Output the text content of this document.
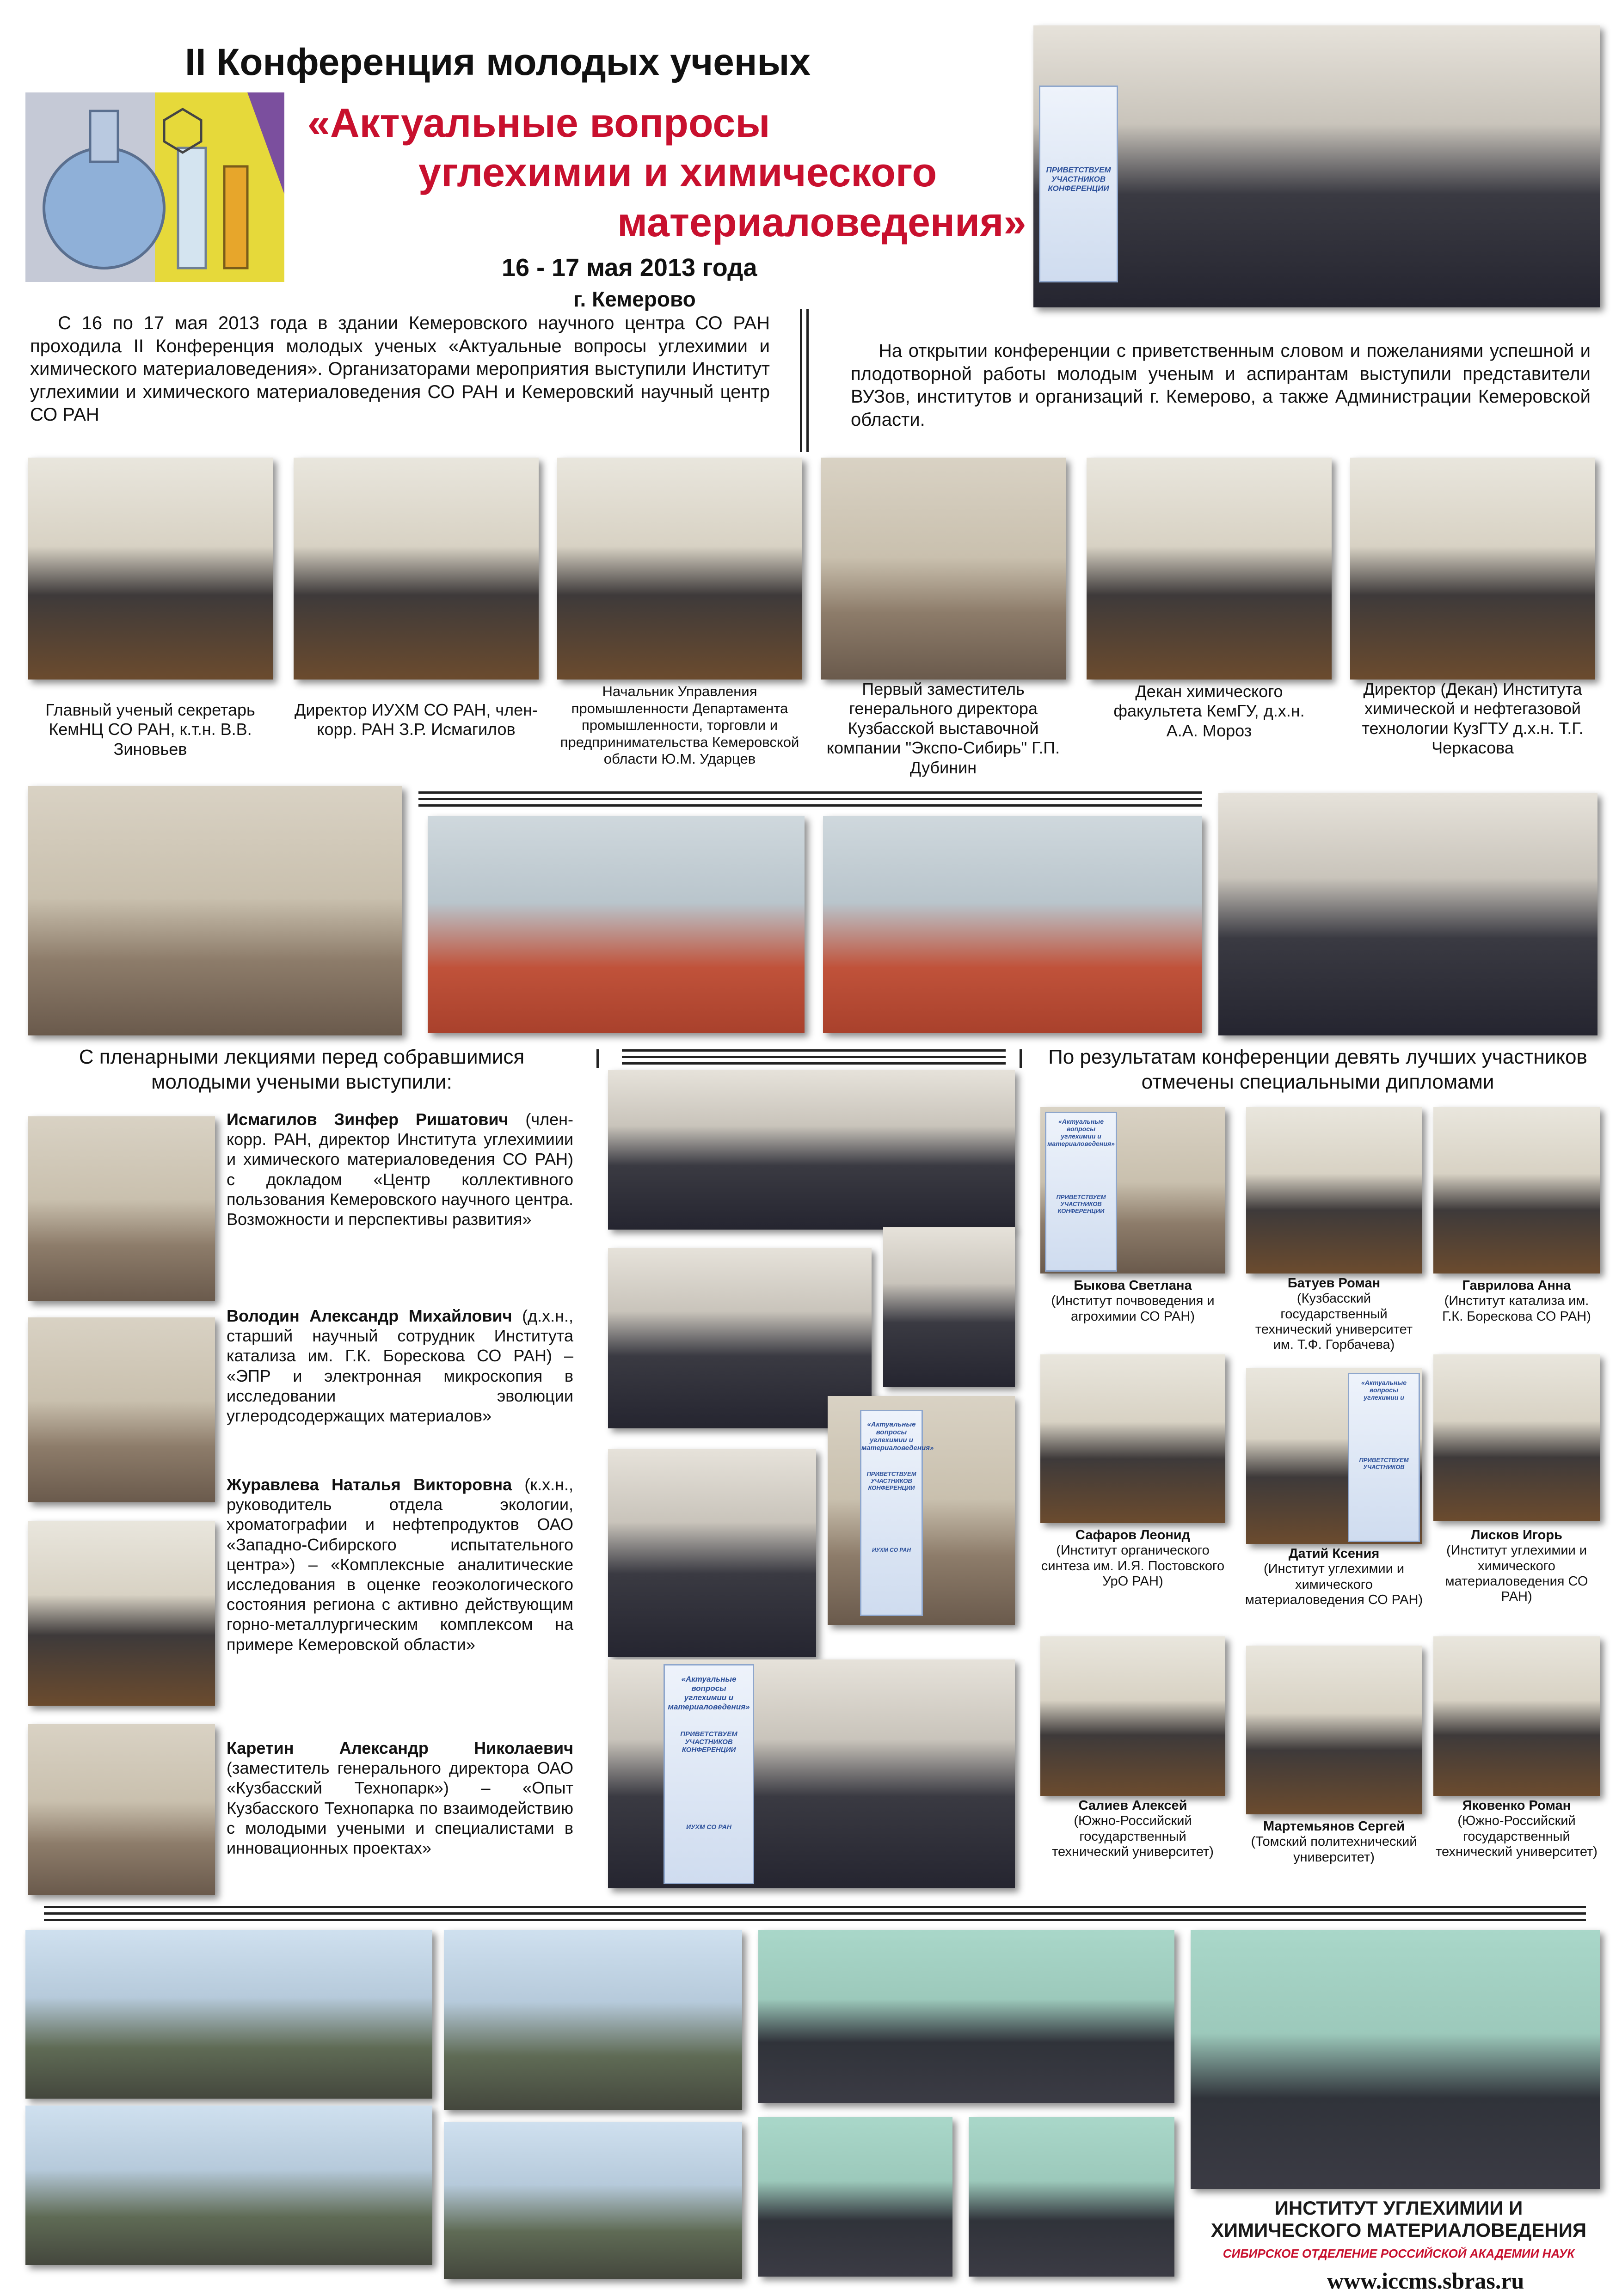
II Конференция молодых ученых
«Актуальные вопросы
углехимии и химического
материаловедения»
16 - 17 мая 2013 года
г. Кемерово
ПРИВЕТСТВУЕМ
УЧАСТНИКОВ
КОНФЕРЕНЦИИ
С 16 по 17 мая 2013 года в здании Кемеровского научного центра СО РАН проходила II Конференция молодых ученых «Актуальные вопросы углехимии и химического материаловедения». Организаторами мероприятия выступили Институт углехимии и химического материаловедения СО РАН и Кемеровский научный центр СО РАН
На открытии конференции с приветственным словом и пожеланиями успешной и плодотворной работы молодым ученым и аспирантам выступили представители ВУЗов, институтов и организаций г. Кемерово, а также Администрации Кемеровской области.
Главный ученый секретарь КемНЦ СО РАН, к.т.н. В.В. Зиновьев
Директор ИУХМ СО РАН, член-корр. РАН З.Р. Исмагилов
Начальник Управления промышленности Департамента промышленности, торговли и предпринимательства Кемеровской области Ю.М. Ударцев
Первый заместитель генерального директора Кузбасской выставочной компании "Экспо-Сибирь" Г.П. Дубинин
Декан химического факультета КемГУ, д.х.н. А.А. Мороз
Директор (Декан) Института химической и нефтегазовой технологии КузГТУ д.х.н. Т.Г. Черкасова
С пленарными лекциями перед собравшимися молодыми учеными выступили:
Исмагилов Зинфер Ришатович (член-корр. РАН, директор Института углехимиии и химического материаловедения СО РАН) с докладом «Центр коллективного пользования Кемеровского научного центра. Возможности и перспективы развития»
Володин Александр Михайлович (д.х.н., старший научный сотрудник Института катализа им. Г.К. Борескова СО РАН) – «ЭПР и электронная микроскопия в исследовании эволюции углеродсодержащих материалов»
Журавлева Наталья Викторовна (к.х.н., руководитель отдела экологии, хроматографии и нефтепродуктов ОАО «Западно-Сибирского испытательного центра») – «Комплексные аналитические исследования в оценке геоэкологического состояния региона с активно действующим горно-металлургическим комплексом на примере Кемеровской области»
Каретин Александр Николаевич (заместитель генерального директора ОАО «Кузбасский Технопарк») – «Опыт Кузбасского Технопарка по взаимодействию с молодыми учеными и специалистами в инновационных проектах»
«Актуальные вопросы
углехимии и
материаловедения»
ПРИВЕТСТВУЕМ
УЧАСТНИКОВ
КОНФЕРЕНЦИИ
ИУХМ СО РАН
«Актуальные вопросы
углехимии и
материаловедения»
ПРИВЕТСТВУЕМ
УЧАСТНИКОВ
КОНФЕРЕНЦИИ
ИУХМ СО РАН
По результатам конференции девять лучших участников отмечены специальными дипломами
«Актуальные вопросы
углехимии и
материаловедения»
ПРИВЕТСТВУЕМ
УЧАСТНИКОВ
КОНФЕРЕНЦИИ
Быкова Светлана
(Институт почвоведения и агрохимии СО РАН)
Батуев Роман
(Кузбасский государственный технический университет им. Т.Ф. Горбачева)
Гаврилова Анна
(Институт катализа им. Г.К. Борескова СО РАН)
«Актуальные вопросы
углехимии и
ПРИВЕТСТВУЕМ
УЧАСТНИКОВ
Сафаров Леонид
(Институт органического синтеза им. И.Я. Постовского УрО РАН)
Датий Ксения
(Институт углехимии и химического материаловедения СО РАН)
Лисков Игорь
(Институт углехимии и химического материаловедения СО РАН)
Салиев Алексей
(Южно-Российский государственный технический университет)
Мартемьянов Сергей
(Томский политехнический университет)
Яковенко Роман
(Южно-Российский государственный технический университет)
ИНСТИТУТ УГЛЕХИМИИ И
ХИМИЧЕСКОГО МАТЕРИАЛОВЕДЕНИЯ
СИБИРСКОЕ ОТДЕЛЕНИЕ РОССИЙСКОЙ АКАДЕМИИ НАУК
www.iccms.sbras.ru
